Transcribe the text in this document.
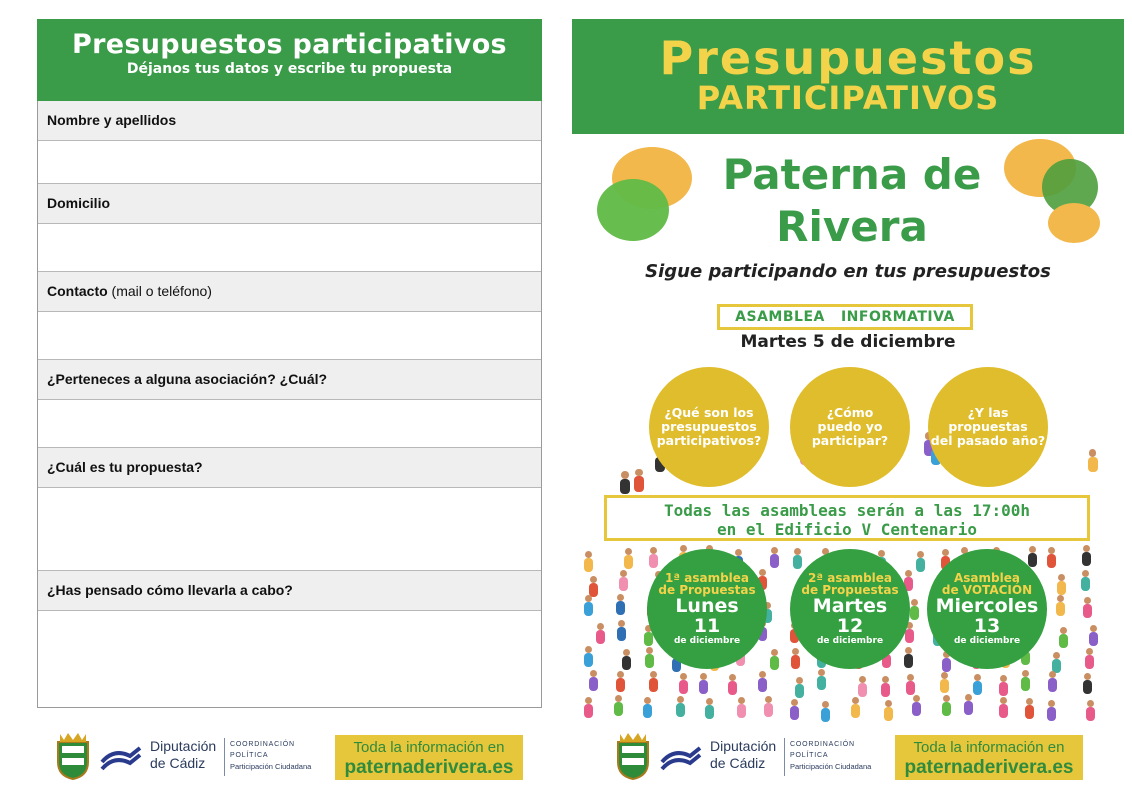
Presupuestos participativos
Déjanos tus datos y escribe tu propuesta
Nombre y apellidos
Domicilio
Contacto (mail o teléfono)
¿Perteneces a alguna asociación? ¿Cuál?
¿Cuál es tu propuesta?
¿Has pensado cómo llevarla a cabo?
Diputación
de Cádiz
COORDINACIÓN
POLÍTICA
Participación Ciudadana
Toda la información en
paternaderivera.es
Presupuestos
PARTICIPATIVOS
Paterna de
Rivera
Sigue participando en tus presupuestos
ASAMBLEA   INFORMATIVA
Martes 5 de diciembre
¿Qué son los
presupuestos
participativos?
¿Cómo
puedo yo
participar?
¿Y las
propuestas
del pasado año?
Todas las asambleas serán a las 17:00h
en el Edificio V Centenario
1ª asamblea
de Propuestas
Lunes
11
de diciembre
2ª asamblea
de Propuestas
Martes
12
de diciembre
Asamblea
de VOTACIÓN
Miercoles
13
de diciembre
Diputación
de Cádiz
COORDINACIÓN
POLÍTICA
Participación Ciudadana
Toda la información en
paternaderivera.es
